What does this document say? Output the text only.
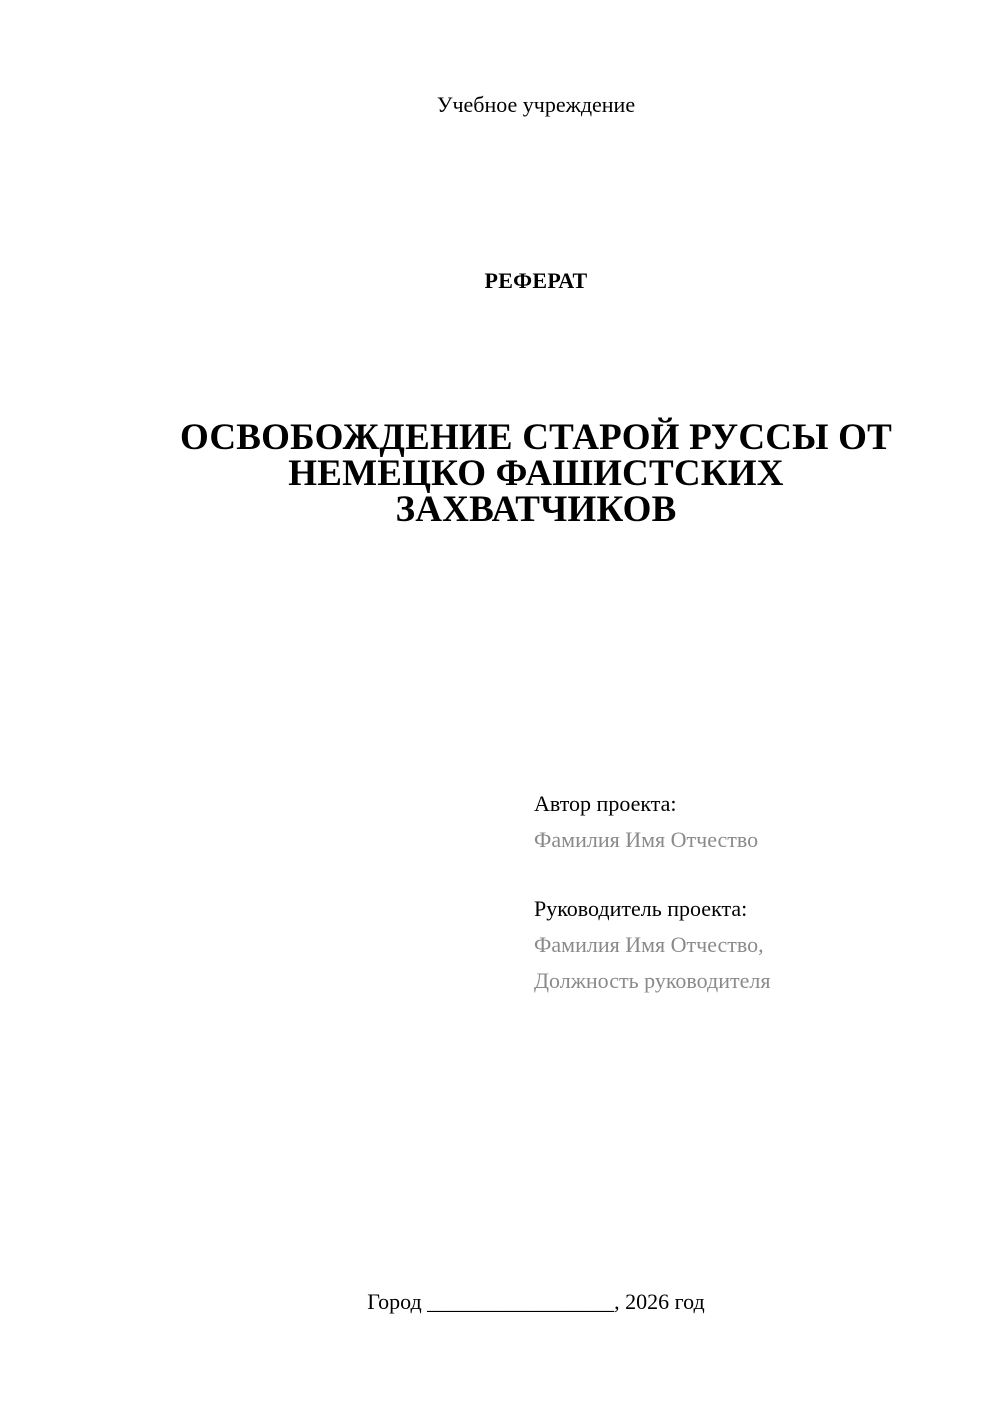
Учебное учреждение
РЕФЕРАТ
ОСВОБОЖДЕНИЕ СТАРОЙ РУССЫ ОТ
НЕМЕЦКО ФАШИСТСКИХ
ЗАХВАТЧИКОВ
Автор проекта:
Фамилия Имя Отчество
Руководитель проекта:
Фамилия Имя Отчество,
Должность руководителя
Город _________________, 2026 год
